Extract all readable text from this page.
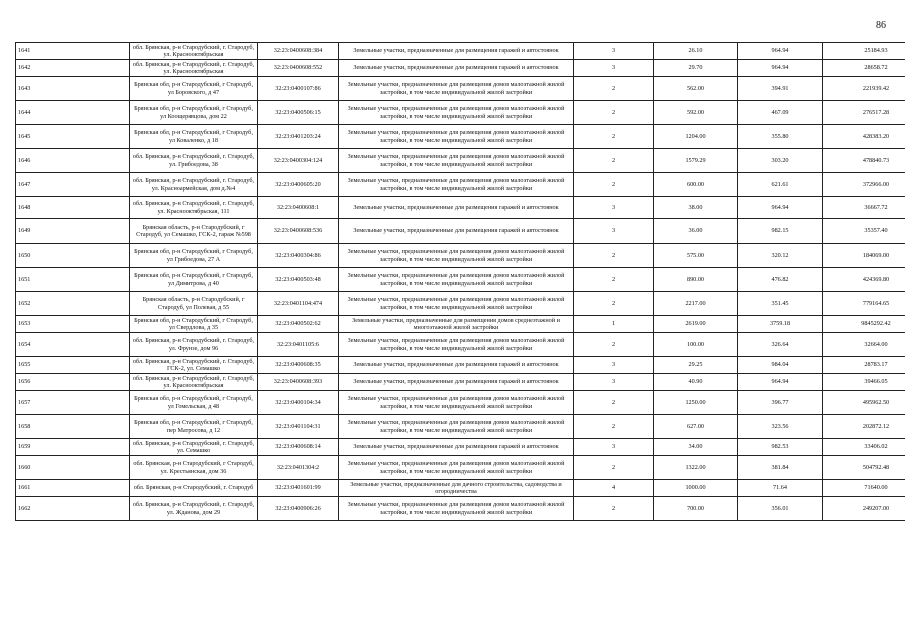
86
1641	обл. Брянская, р-н Стародубский, г. Стародуб, ул. Краснооктябрьская	32:23:0400608:384	Земельные участки, предназначенные для размещения гаражей и автостоянок	3	26.10	964.94	25184.93
1642	обл. Брянская, р-н Стародубский, г. Стародуб, ул. Краснооктябрьская	32:23:0400608:552	Земельные участки, предназначенные для размещения гаражей и автостоянок	3	29.70	964.94	28658.72
1643	Брянская обл, р-н Стародубский, г Стародуб, ул Боровского, д 47	32:23:0400107:86	Земельные участки, предназначенные для размещения домов малоэтажной жилой застройки, в том числе индивидуальной жилой застройки	2	562.00	394.91	221939.42
1644	Брянская обл, р-н Стародубский, г Стародуб, ул Коощерявцова, дом 22	32:23:0400506:15	Земельные участки, предназначенные для размещения домов малоэтажной жилой застройки, в том числе индивидуальной жилой застройки	2	592.00	467.09	276517.28
1645	Брянская обл, р-н Стародубский, г Стародуб, ул Коваленко, д 18	32:23:0401203:24	Земельные участки, предназначенные для размещения домов малоэтажной жилой застройки, в том числе индивидуальной жилой застройки	2	1204.00	355.80	428383.20
1646	обл. Брянская, р-н Стародубский, г. Стародуб, ул. Грибоедова, 38	32:23:0400304:124	Земельные участки, предназначенные для размещения домов малоэтажной жилой застройки, в том числе индивидуальной жилой застройки	2	1579.29	303.20	478840.73
1647	обл. Брянская, р-н Стародубский, г. Стародуб, ул. Красноармейская, дом д.№4	32:23:0400605:20	Земельные участки, предназначенные для размещения домов малоэтажной жилой застройки, в том числе индивидуальной жилой застройки	2	600.00	621.61	372966.00
1648	обл. Брянская, р-н Стародубский, г. Стародуб, ул. Краснооктябрьская, 111	32:23:0400608:1	Земельные участки, предназначенные для размещения гаражей и автостоянок	3	38.00	964.94	36667.72
1649	Брянская область, р-н Стародубский, г Стародуб, ул Семашко, ГСК-2, гараж №598	32:23:0400608:536	Земельные участки, предназначенные для размещения гаражей и автостоянок	3	36.00	982.15	35357.40
1650	Брянская обл, р-н Стародубский, г Стародуб, ул Грибоедова, 27 А	32:23:0400304:86	Земельные участки, предназначенные для размещения домов малоэтажной жилой застройки, в том числе индивидуальной жилой застройки	2	575.00	320.12	184069.00
1651	Брянская обл, р-н Стародубский, г Стародуб, ул Димитрова, д 40	32:23:0400503:48	Земельные участки, предназначенные для размещения домов малоэтажной жилой застройки, в том числе индивидуальной жилой застройки	2	890.00	476.82	424369.80
1652	Брянская область, р-н Стародубский, г Стародуб, ул Полевая, д 55	32:23:0401104:474	Земельные участки, предназначенные для размещения домов малоэтажной жилой застройки, в том числе индивидуальной жилой застройки	2	2217.00	351.45	779164.65
1653	Брянская обл, р-н Стародубский, г Стародуб, ул Свердлова, д 35	32:23:0400502:62	Земельные участки, предназначенные для размещения домов среднеэтажной и многоэтажной жилой застройки	1	2619.00	3759.18	9845292.42
1654	обл. Брянская, р-н Стародубский, г. Стародуб, ул. Фрунзе, дом 96	32:23:0401105:6	Земельные участки, предназначенные для размещения домов малоэтажной жилой застройки, в том числе индивидуальной жилой застройки	2	100.00	326.64	32664.00
1655	обл. Брянская, р-н Стародубский, г. Стародуб, ГСК-2, ул. Семашко	32:23:0400608:35	Земельные участки, предназначенные для размещения гаражей и автостоянок	3	29.25	984.04	28783.17
1656	обл. Брянская, р-н Стародубский, г. Стародуб, ул. Краснооктябрьская	32:23:0400608:393	Земельные участки, предназначенные для размещения гаражей и автостоянок	3	40.90	964.94	39466.05
1657	Брянская обл, р-н Стародубский, г Стародуб, ул Гомельская, д 48	32:23:0400104:34	Земельные участки, предназначенные для размещения домов малоэтажной жилой застройки, в том числе индивидуальной жилой застройки	2	1250.00	396.77	495962.50
1658	Брянская обл, р-н Стародубский, г Стародуб, пер Матросова, д 12	32:23:0401104:31	Земельные участки, предназначенные для размещения домов малоэтажной жилой застройки, в том числе индивидуальной жилой застройки	2	627.00	323.56	202872.12
1659	обл. Брянская, р-н Стародубский, г. Стародуб, ул. Семашко	32:23:0400608:14	Земельные участки, предназначенные для размещения гаражей и автостоянок	3	34.00	982.53	33406.02
1660	обл. Брянская, р-н Стародубский, г Стародуб, ул. Крестьянская, дом 36	32:23:0401304:2	Земельные участки, предназначенные для размещения домов малоэтажной жилой застройки, в том числе индивидуальной жилой застройки	2	1322.00	381.84	504792.48
1661	обл. Брянская, р-н Стародубский, г. Стародуб	32:23:0401601:99	Земельные участки, предназначенные для дачного строительства, садоводства и огородничества	4	1000.00	71.64	71640.00
1662	обл. Брянская, р-н Стародубский, г. Стародуб, ул. Жданова, дом 29	32:23:0400906:26	Земельные участки, предназначенные для размещения домов малоэтажной жилой застройки, в том числе индивидуальной жилой застройки	2	700.00	356.01	249207.00
